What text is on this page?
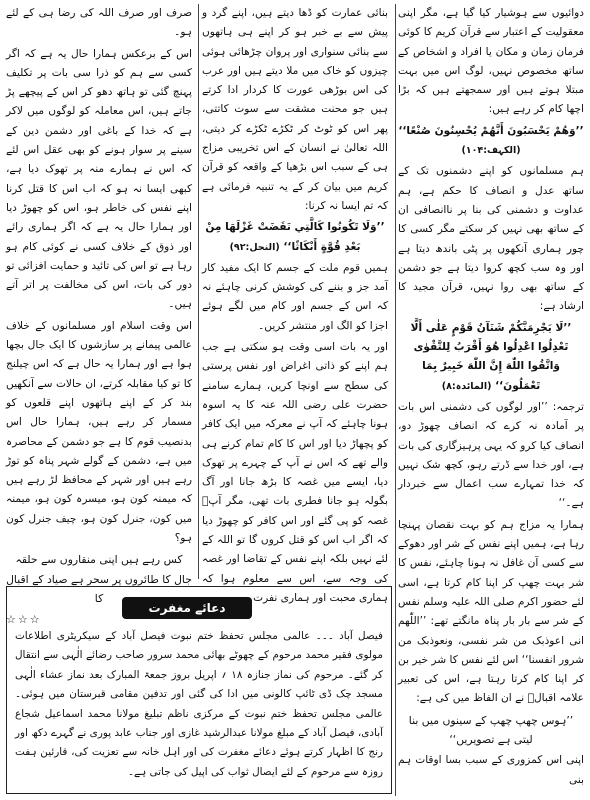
دوائیوں سے ہوشیار کیا گیا ہے، مگر اپنی معقولیت کے اعتبار سے قرآن کریم کا کوئی فرمان زمان و مکان یا افراد و اشخاص کے ساتھ مخصوص نہیں، لوگ اس میں بہت مبتلا ہوتے ہیں اور سمجھتے ہیں کہ بڑا اچھا کام کر رہے ہیں:

’’وَهُمْ يَحْسَبُونَ أَنَّهُمْ يُحْسِنُونَ صُنْعًا‘‘ (الکہف:۱۰۴)

ہم مسلمانوں کو اپنے دشمنوں تک کے ساتھ عدل و انصاف کا حکم ہے، ہم عداوت و دشمنی کی بنا پر ناانصافی ان کے ساتھ بھی نہیں کر سکتے مگر کسی کا چور ہماری آنکھوں پر پٹی باندھ دیتا ہے اور وہ سب کچھ کروا دیتا ہے جو دشمن کے ساتھ بھی روا نہیں، قرآن مجید کا ارشاد ہے:

’’لَا يَجْرِمَنَّكُمْ شَنَآنُ قَوْمٍ عَلٰى أَلَّا تَعْدِلُوا اعْدِلُوا هُوَ أَقْرَبُ لِلتَّقْوٰى وَاتَّقُوا اللّٰهَ إِنَّ اللّٰهَ خَبِيرٌ بِمَا تَعْمَلُونَ‘‘ (المائدہ:۸)

ترجمہ: ’’اور لوگوں کی دشمنی اس بات پر آمادہ نہ کرے کہ انصاف چھوڑ دو، انصاف کیا کرو کہ یہی پرہیزگاری کی بات ہے، اور خدا سے ڈرتے رہو، کچھ شک نہیں کہ خدا تمہارے سب اعمال سے خبردار ہے۔‘‘

ہمارا یہ مزاج ہم کو بہت نقصان پہنچا رہا ہے، ہمیں اپنے نفس کے شر اور دھوکے سے کسی آن غافل نہ ہونا چاہئے، نفس کا شر بہت چھپ کر اپنا کام کرتا ہے، اسی لئے حضور اکرم صلی اللہ علیہ وسلم نفس کے شر سے بار بار پناہ مانگتے تھے: ’’اللّٰهم انی اعوذبک من شر نفسی، ونعوذبک من شرور انفسنا‘‘ اس لئے نفس کا شر خیر بن کر اپنا کام کرتا رہتا ہے، اس کی تعبیر علامہ اقبالؒ نے ان الفاظ میں کی ہے:

’’ہوس چھپ چھپ کے سینوں میں بنا لیتی ہے تصویریں‘‘

اپنی اس کمزوری کے سبب بسا اوقات ہم بنی

بنائی عمارت کو ڈھا دیتے ہیں، اپنے گرد و پیش سے بے خبر ہو کر اپنے ہی ہاتھوں سے بنائی سنواری اور پروان چڑھائی ہوئی چیزوں کو خاک میں ملا دیتے ہیں اور عرب کی اس بوڑھی عورت کا کردار ادا کرتے ہیں جو محنت مشقت سے سوت کاتتی، پھر اس کو ٹوٹ کر ٹکڑے ٹکڑے کر دیتی، اللہ تعالیٰ نے انسان کے اس تخریبی مزاج ہی کے سبب اس بڑھیا کے واقعہ کو قرآن کریم میں بیان کر کے یہ تنبیہ فرمائی ہے کہ تم ایسا نہ کرنا:

’’وَلَا تَكُونُوا كَالَّتِي نَقَضَتْ غَزْلَهَا مِنْ بَعْدِ قُوَّةٍ أَنْكَاثًا‘‘ (النحل:۹۲)

ہمیں قوم ملت کے جسم کا ایک مفید کار آمد جز و بننے کی کوشش کرنی چاہئے نہ کہ اس کے جسم اور کام میں لگے ہوئے اجزا کو الگ اور منتشر کریں۔

اور یہ بات اسی وقت ہو سکتی ہے جب ہم اپنے کو ذاتی اغراض اور نفس پرستی کی سطح سے اونچا کریں، ہمارے سامنے حضرت علی رضی اللہ عنہ کا یہ اسوہ ہونا چاہئے کہ آپ نے معرکہ میں ایک کافر کو پچھاڑ دیا اور اس کا کام تمام کرنے ہی والے تھے کہ اس نے آپ کے چہرے پر تھوک دیا، ایسے میں غصہ کا بڑھ جانا اور آگ بگولہ ہو جانا فطری بات تھی، مگر آپؓ غصہ کو پی گئے اور اس کافر کو چھوڑ دیا کہ اگر اب اس کو قتل کروں گا تو اللہ کے لئے نہیں بلکہ اپنے نفس کے تقاضا اور غصہ کی وجہ سے، اس سے معلوم ہوا کہ ہماری محبت اور ہماری نفرت

صرف اور صرف اللہ کی رضا ہی کے لئے ہو۔

اس کے برعکس ہمارا حال یہ ہے کہ اگر کسی سے ہم کو ذرا سی بات پر تکلیف پہنچ گئی تو ہاتھ دھو کر اس کے پیچھے پڑ جاتے ہیں، اس معاملہ کو لوگوں میں لاکر ہے کہ خدا کے باغی اور دشمن دین کے سینے پر سوار ہونے کو بھی عقل اس لئے کہ اس نے ہمارے منہ پر تھوک دیا ہے، کبھی ایسا نہ ہو کہ اب اس کا قتل کرنا اپنے نفس کی خاطر ہو، اس کو چھوڑ دیا اور ہمارا حال یہ ہے کہ اگر ہماری رائے اور ذوق کے خلاف کسی نے کوئی کام ہو رہا ہے تو اس کی تائید و حمایت افزائی تو دور کی بات، اس کی مخالفت پر اتر آتے ہیں۔

اس وقت اسلام اور مسلمانوں کے خلاف عالمی پیمانے پر سازشوں کا ایک جال بچھا ہوا ہے اور ہمارا یہ حال ہے کہ اس چیلنج کا تو کیا مقابلہ کرتے، ان حالات سے آنکھیں بند کر کے اپنے ہاتھوں اپنے قلعوں کو مسمار کر رہے ہیں، ہمارا حال اس بدنصیب قوم کا ہے جو دشمن کے محاصرہ میں ہے، دشمن کے گولے شہر پناہ کو توڑ رہے ہیں اور شہر کے محافظ لڑ رہے ہیں کہ میمنہ کون ہو، میسرہ کون ہو، میمنہ میں کون، جنرل کون ہو، چیف جنرل کون ہو؟

کس رہے ہیں اپنی منقاروں سے حلقہ جال کا طائروں پر سحر ہے صیاد کے اقبال کا

☆☆☆

دعائے مغفرت
فیصل آباد ۔۔۔ عالمی مجلس تحفظ ختم نبوت فیصل آباد کے سیکریٹری اطلاعات مولوی فقیر محمد مرحوم کے چھوٹے بھائی محمد سرور صاحب رضائے الٰہی سے انتقال کر گئے۔ مرحوم کی نماز جنازہ ۱۸ ؍ اپریل بروز جمعۃ المبارک بعد نماز عشاء الٰہی مسجد چک ڈی ٹائپ کالونی میں ادا کی گئی اور تدفین مقامی قبرستان میں ہوئی۔ عالمی مجلس تحفظ ختم نبوت کے مرکزی ناظم تبلیغ مولانا محمد اسماعیل شجاع آبادی، فیصل آباد کے مبلغ مولانا عبدالرشید غازی اور جناب عابد پوری نے گہرے دکھ اور رنج کا اظہار کرتے ہوئے دعائے مغفرت کی اور اہل خانہ سے تعزیت کی، قارئین ہفت روزہ سے مرحوم کے لئے ایصال ثواب کی اپیل کی جاتی ہے۔
